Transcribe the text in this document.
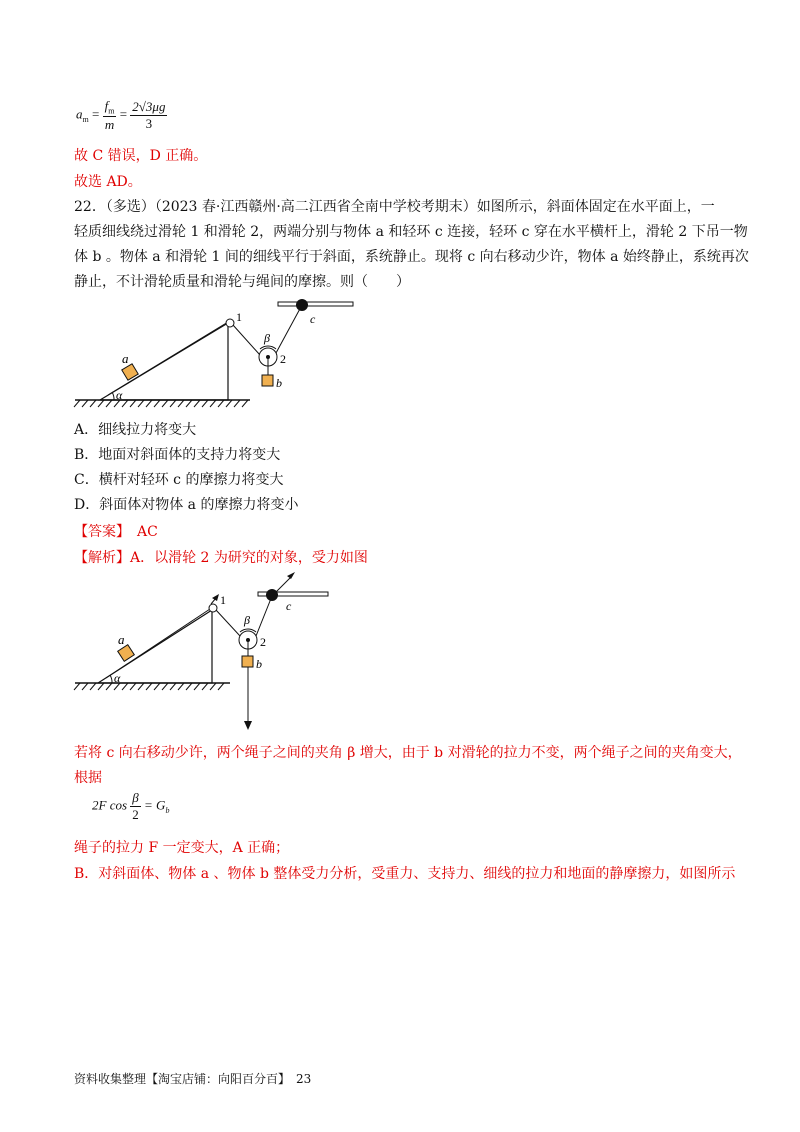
$a_m = \frac{f_m}{m} = \frac{2√3\mu g}{3}$
故 C 错误，D 正确。
故选 AD。
22．（多选）（2023 春·江西赣州·高二江西省全南中学校考期末）如图所示，斜面体固定在水平面上，一
轻质细线绕过滑轮 1 和滑轮 2，两端分别与物体 a 和轻环 c 连接，轻环 c 穿在水平横杆上，滑轮 2 下吊一物
体 b 。物体 a 和滑轮 1 间的细线平行于斜面，系统静止。现将 c 向右移动少许，物体 a 始终静止，系统再次
静止，不计滑轮质量和滑轮与绳间的摩擦。则（　　）
α
a
1
β
2
b
c
A．细线拉力将变大
B．地面对斜面体的支持力将变大
C．横杆对轻环 c 的摩擦力将变大
D．斜面体对物体 a 的摩擦力将变小
【答案】　AC
【解析】A．以滑轮 2 为研究的对象，受力如图
α
a
1
β
2
b
c
若将 c 向右移动少许，两个绳子之间的夹角 β 增大，由于 b 对滑轮的拉力不变，两个绳子之间的夹角变大，
根据
2F $\cos \frac{\beta}{2} = G_b$
绳子的拉力 F 一定变大，A 正确；
B．对斜面体、物体 a 、物体 b 整体受力分析，受重力、支持力、细线的拉力和地面的静摩擦力，如图所示
资料收集整理【淘宝店铺：向阳百分百】　23
